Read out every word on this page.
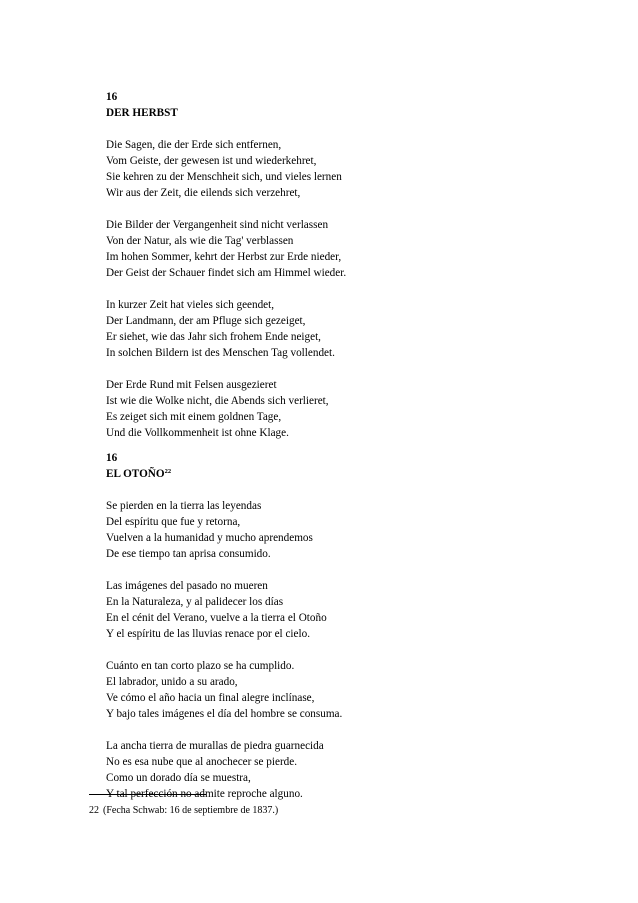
16
DER HERBST
Die Sagen, die der Erde sich entfernen,
Vom Geiste, der gewesen ist und wiederkehret,
Sie kehren zu der Menschheit sich, und vieles lernen
Wir aus der Zeit, die eilends sich verzehret,
Die Bilder der Vergangenheit sind nicht verlassen
Von der Natur, als wie die Tag' verblassen
Im hohen Sommer, kehrt der Herbst zur Erde nieder,
Der Geist der Schauer findet sich am Himmel wieder.
In kurzer Zeit hat vieles sich geendet,
Der Landmann, der am Pfluge sich gezeiget,
Er siehet, wie das Jahr sich frohem Ende neiget,
In solchen Bildern ist des Menschen Tag vollendet.
Der Erde Rund mit Felsen ausgezieret
Ist wie die Wolke nicht, die Abends sich verlieret,
Es zeiget sich mit einem goldnen Tage,
Und die Vollkommenheit ist ohne Klage.
16
EL OTOÑO$^{22}$
Se pierden en la tierra las leyendas
Del espíritu que fue y retorna,
Vuelven a la humanidad y mucho aprendemos
De ese tiempo tan aprisa consumido.
Las imágenes del pasado no mueren
En la Naturaleza, y al palidecer los días
En el cénit del Verano, vuelve a la tierra el Otoño
Y el espíritu de las lluvias renace por el cielo.
Cuánto en tan corto plazo se ha cumplido.
El labrador, unido a su arado,
Ve cómo el año hacia un final alegre inclínase,
Y bajo tales imágenes el día del hombre se consuma.
La ancha tierra de murallas de piedra guarnecida
No es esa nube que al anochecer se pierde.
Como un dorado día se muestra,
Y tal perfección no admite reproche alguno.
22 (Fecha Schwab: 16 de septiembre de 1837.)
